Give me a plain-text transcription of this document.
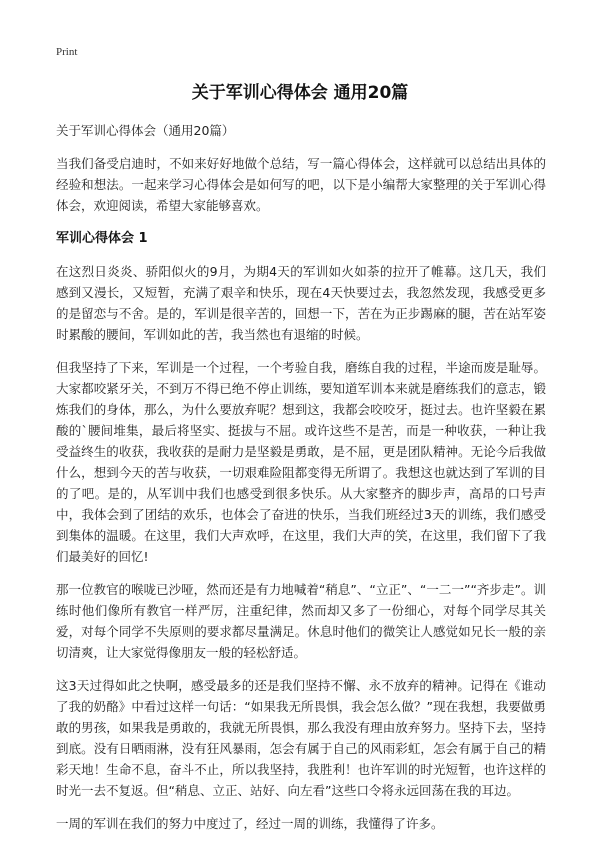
Print
关于军训心得体会 通用20篇

关于军训心得体会（通用20篇）

当我们备受启迪时，不如来好好地做个总结，写一篇心得体会，这样就可以总结出具体的经验和想法。一起来学习心得体会是如何写的吧，以下是小编帮大家整理的关于军训心得体会，欢迎阅读，希望大家能够喜欢。

军训心得体会 1

在这烈日炎炎、骄阳似火的9月，为期4天的军训如火如荼的拉开了帷幕。这几天，我们感到又漫长，又短暂，充满了艰辛和快乐，现在4天快要过去，我忽然发现，我感受更多的是留恋与不舍。是的，军训是很辛苦的，回想一下，苦在为正步踢麻的腿，苦在站军姿时累酸的腰间，军训如此的苦，我当然也有退缩的时候。

但我坚持了下来，军训是一个过程，一个考验自我，磨练自我的过程，半途而废是耻辱。大家都咬紧牙关，不到万不得已绝不停止训练，要知道军训本来就是磨练我们的意志，锻炼我们的身体，那么，为什么要放弃呢？想到这，我都会咬咬牙，挺过去。也许坚毅在累酸的`腰间堆集，最后将坚实、挺拔与不屈。或许这些不是苦，而是一种收获，一种让我受益终生的收获，我收获的是耐力是坚毅是勇敢，是不屈，更是团队精神。无论今后我做什么，想到今天的苦与收获，一切艰难险阻都变得无所谓了。我想这也就达到了军训的目的了吧。是的，从军训中我们也感受到很多快乐。从大家整齐的脚步声，高昂的口号声中，我体会到了团结的欢乐，也体会了奋进的快乐，当我们班经过3天的训练，我们感受到集体的温暖。在这里，我们大声欢呼，在这里，我们大声的笑，在这里，我们留下了我们最美好的回忆!

那一位教官的喉咙已沙哑，然而还是有力地喊着“稍息”、“立正”、“一二一”“齐步走”。训练时他们像所有教官一样严厉，注重纪律，然而却又多了一份细心，对每个同学尽其关爱，对每个同学不失原则的要求都尽量满足。休息时他们的微笑让人感觉如兄长一般的亲切清爽，让大家觉得像朋友一般的轻松舒适。

这3天过得如此之快啊，感受最多的还是我们坚持不懈、永不放弃的精神。记得在《谁动了我的奶酪》中看过这样一句话：“如果我无所畏惧，我会怎么做？”现在我想，我要做勇敢的男孩，如果我是勇敢的，我就无所畏惧，那么我没有理由放弃努力。坚持下去，坚持到底。没有日晒雨淋，没有狂风暴雨，怎会有属于自己的风雨彩虹，怎会有属于自己的精彩天地！生命不息，奋斗不止，所以我坚持，我胜利！也许军训的时光短暂，也许这样的时光一去不复返。但“稍息、立正、站好、向左看”这些口令将永远回荡在我的耳边。

一周的军训在我们的努力中度过了，经过一周的训练，我懂得了许多。
